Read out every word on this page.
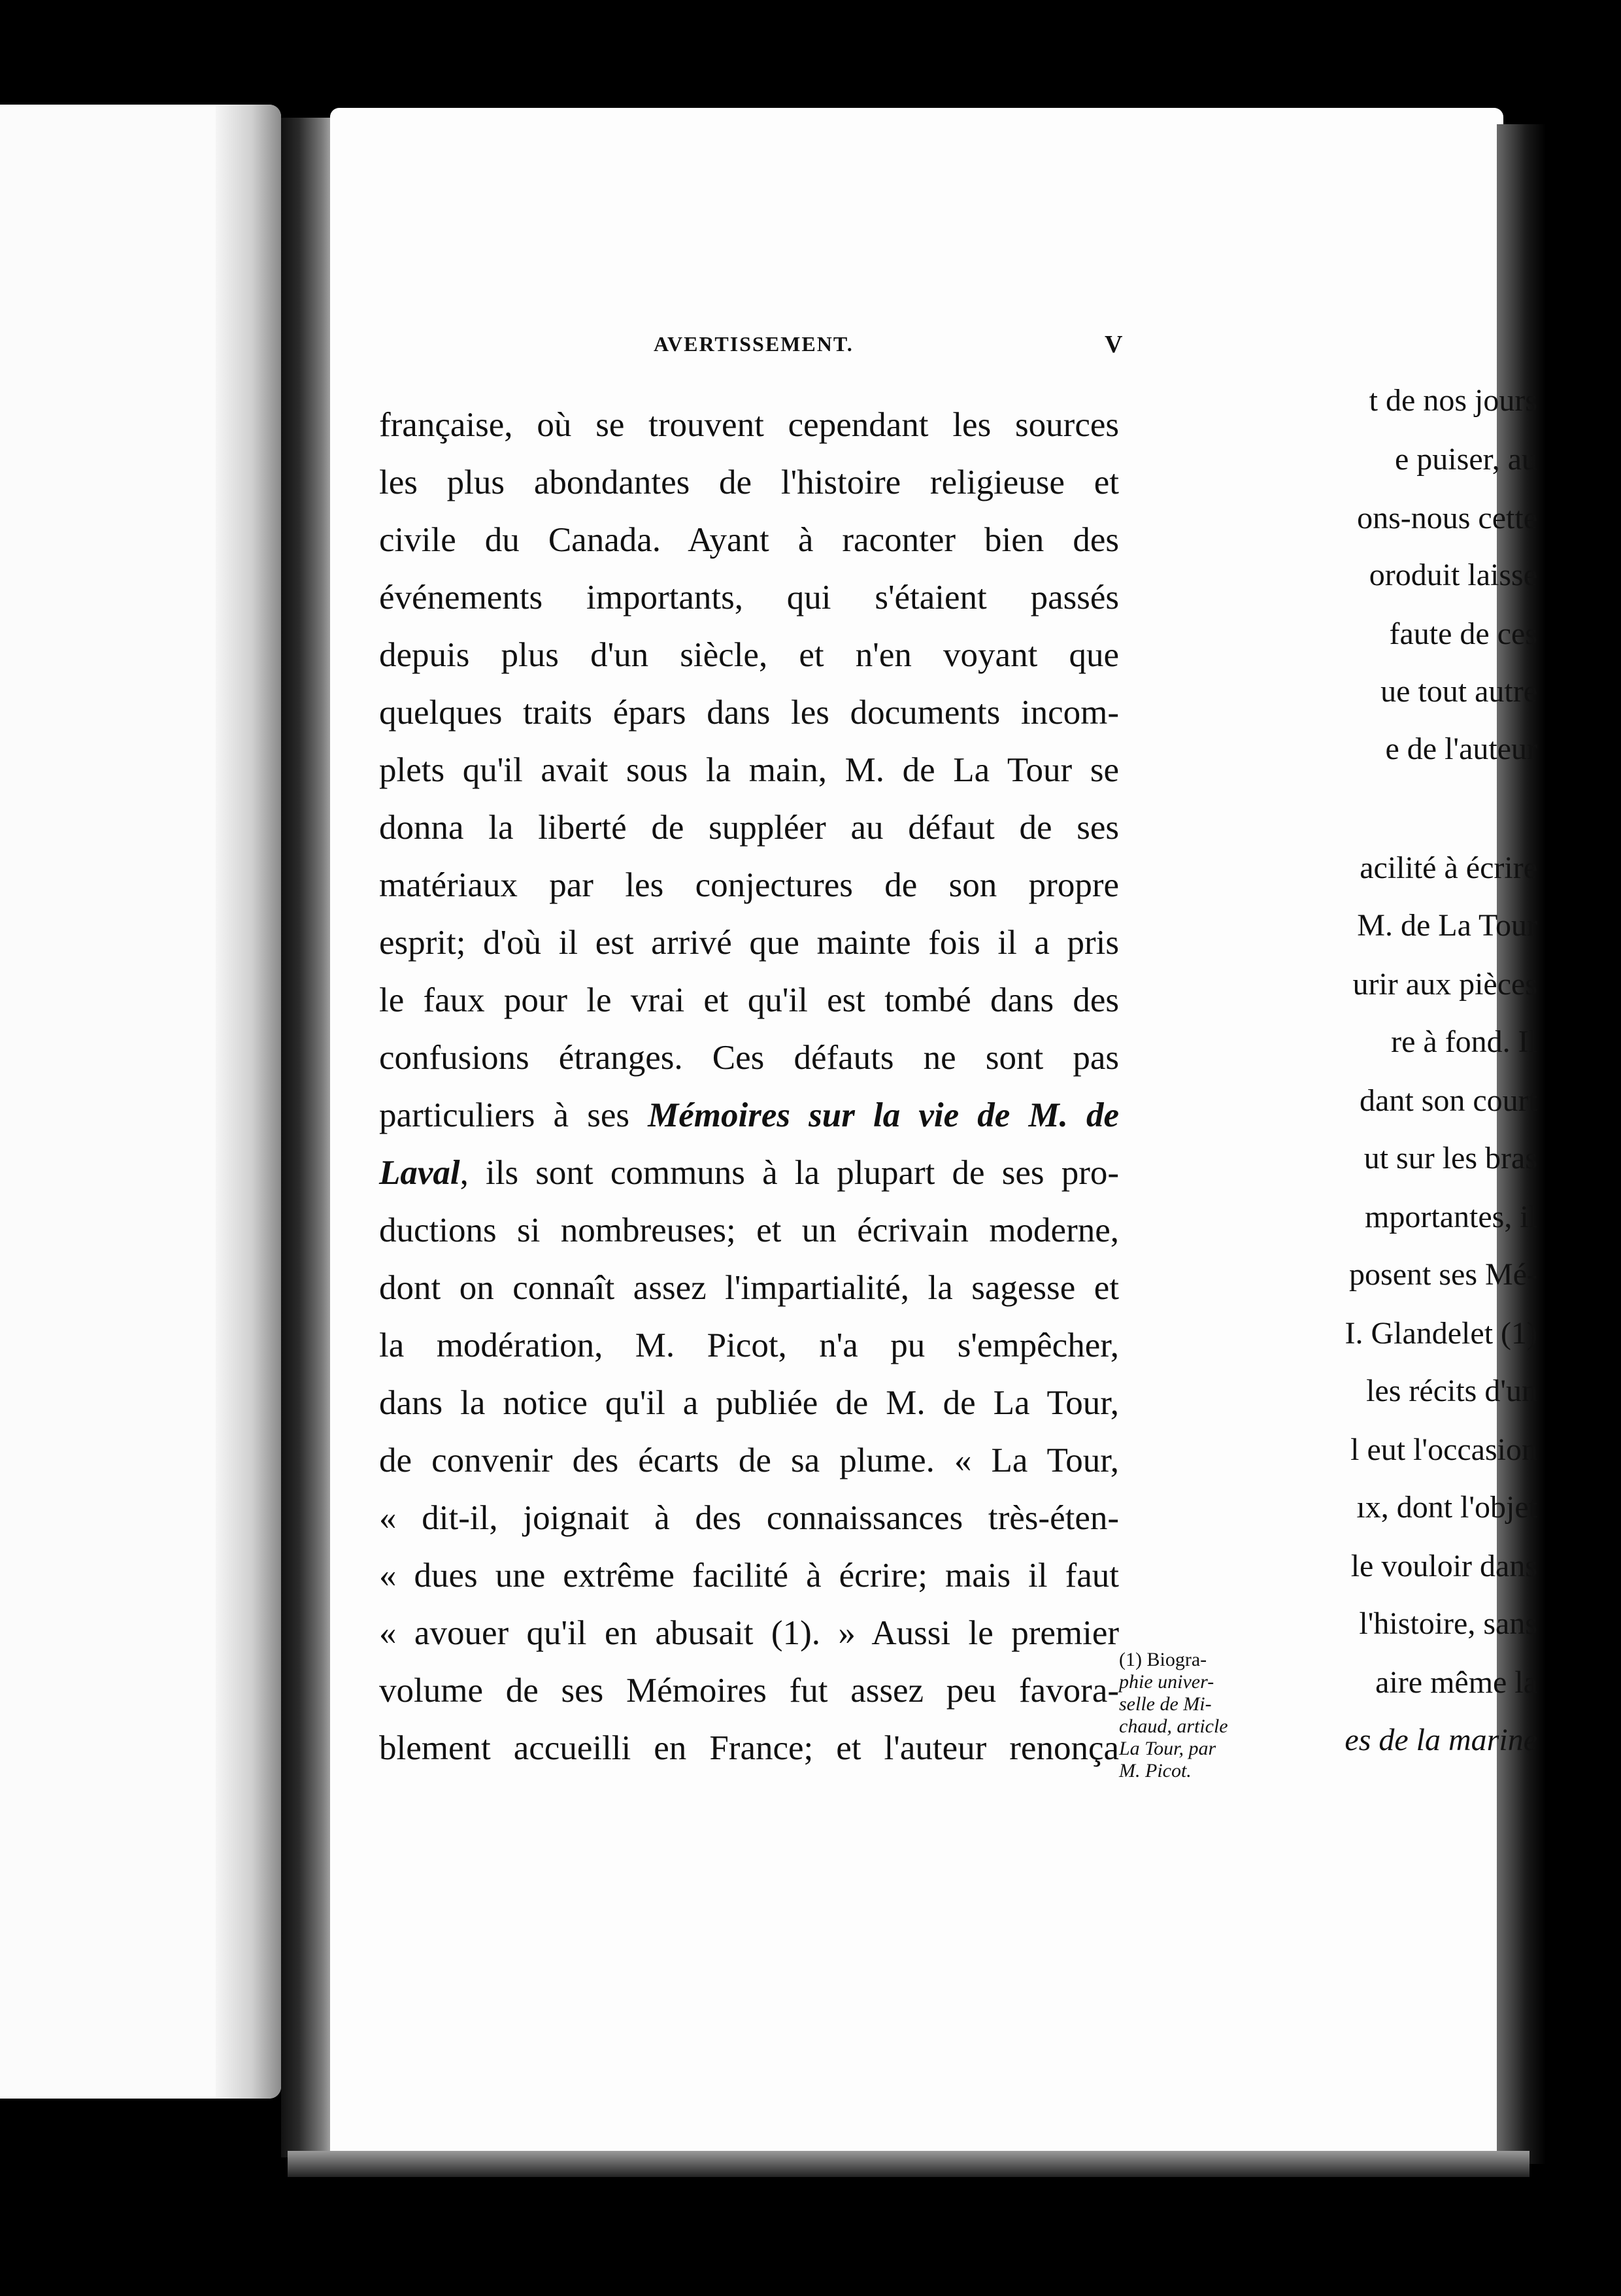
t de nos jours
e puiser, au
ons-nous cette
oroduit laisse
faute de ces
ue tout autre
e de l'auteur
acilité à écrire
M. de La Tour
urir aux pièces
re à fond. Il
dant son court
ut sur les bras
mportantes, il
posent ses Mé-
I. Glandelet (1)
les récits d'un
l eut l'occasion
ıx, dont l'objet
le vouloir dans
l'histoire, sans
aire même la
es de la marine
AVERTISSEMENT.	V
française, où se trouvent cependant les sources
les plus abondantes de l'histoire religieuse et
civile du Canada. Ayant à raconter bien des
événements importants, qui s'étaient passés
depuis plus d'un siècle, et n'en voyant que
quelques traits épars dans les documents incom-
plets qu'il avait sous la main, M. de La Tour se
donna la liberté de suppléer au défaut de ses
matériaux par les conjectures de son propre
esprit; d'où il est arrivé que mainte fois il a pris
le faux pour le vrai et qu'il est tombé dans des
confusions étranges. Ces défauts ne sont pas
particuliers à ses Mémoires sur la vie de M. de
Laval, ils sont communs à la plupart de ses pro-
ductions si nombreuses; et un écrivain moderne,
dont on connaît assez l'impartialité, la sagesse et
la modération, M. Picot, n'a pu s'empêcher,
dans la notice qu'il a publiée de M. de La Tour,
de convenir des écarts de sa plume. « La Tour,
« dit-il, joignait à des connaissances très-éten-
« dues une extrême facilité à écrire; mais il faut
« avouer qu'il en abusait (1). » Aussi le premier
volume de ses Mémoires fut assez peu favora-
blement accueilli en France; et l'auteur renonça
(1) Biogra-
phie univer-
selle de Mi-
chaud, article
La Tour, par
M. Picot.
